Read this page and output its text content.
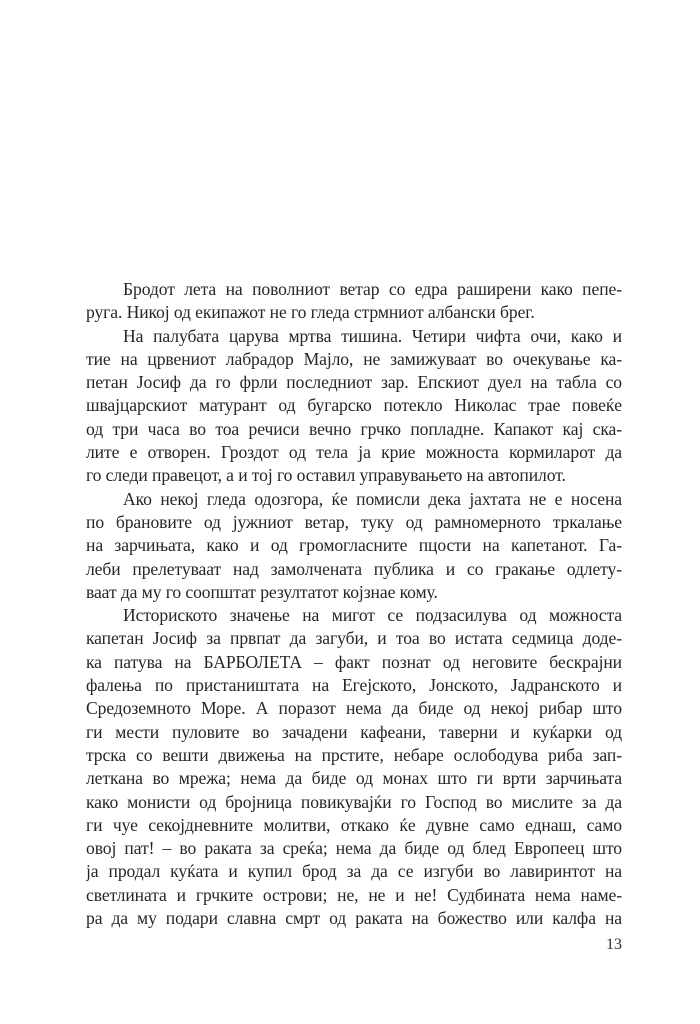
Бродот лета на поволниот ветар со едра раширени како пепе-
руга. Никој од екипажот не го гледа стрмниот албански брег.
На палубата царува мртва тишина. Четири чифта очи, како и
тие на црвениот лабрадор Мајло, не замижуваат во очекување ка-
петан Јосиф да го фрли последниот зар. Епскиот дуел на табла со
швајцарскиот матурант од бугарско потекло Николас трае повеќе
од три часа во тоа речиси вечно грчко попладне. Капакот кај ска-
лите е отворен. Гроздот од тела ја крие можноста кормиларот да
го следи правецот, а и тој го оставил управувањето на автопилот.
Ако некој гледа одозгора, ќе помисли дека јахтата не е носена
по брановите од јужниот ветар, туку од рамномерното тркалање
на зарчињата, како и од громогласните пцости на капетанот. Га-
леби прелетуваат над замолчената публика и со гракање одлету-
ваат да му го соопштат резултатот којзнае кому.
Историското значење на мигот се подзасилува од можноста
капетан Јосиф за првпат да загуби, и тоа во истата седмица доде-
ка патува на БАРБОЛЕТА – факт познат од неговите бескрајни
фалења по пристаништата на Егејското, Јонското, Јадранското и
Средоземното Море. А поразот нема да биде од некој рибар што
ги мести пуловите во зачадени кафеани, таверни и куќарки од
трска со вешти движења на прстите, небаре ослободува риба зап-
леткана во мрежа; нема да биде од монах што ги врти зарчињата
како монисти од бројница повикувајќи го Господ во мислите за да
ги чуе секојдневните молитви, откако ќе дувне само еднаш, само
овој пат! – во раката за среќа; нема да биде од блед Европеец што
ја продал куќата и купил брод за да се изгуби во лавиринтот на
светлината и грчките острови; не, не и не! Судбината нема наме-
ра да му подари славна смрт од раката на божество или калфа на
13
